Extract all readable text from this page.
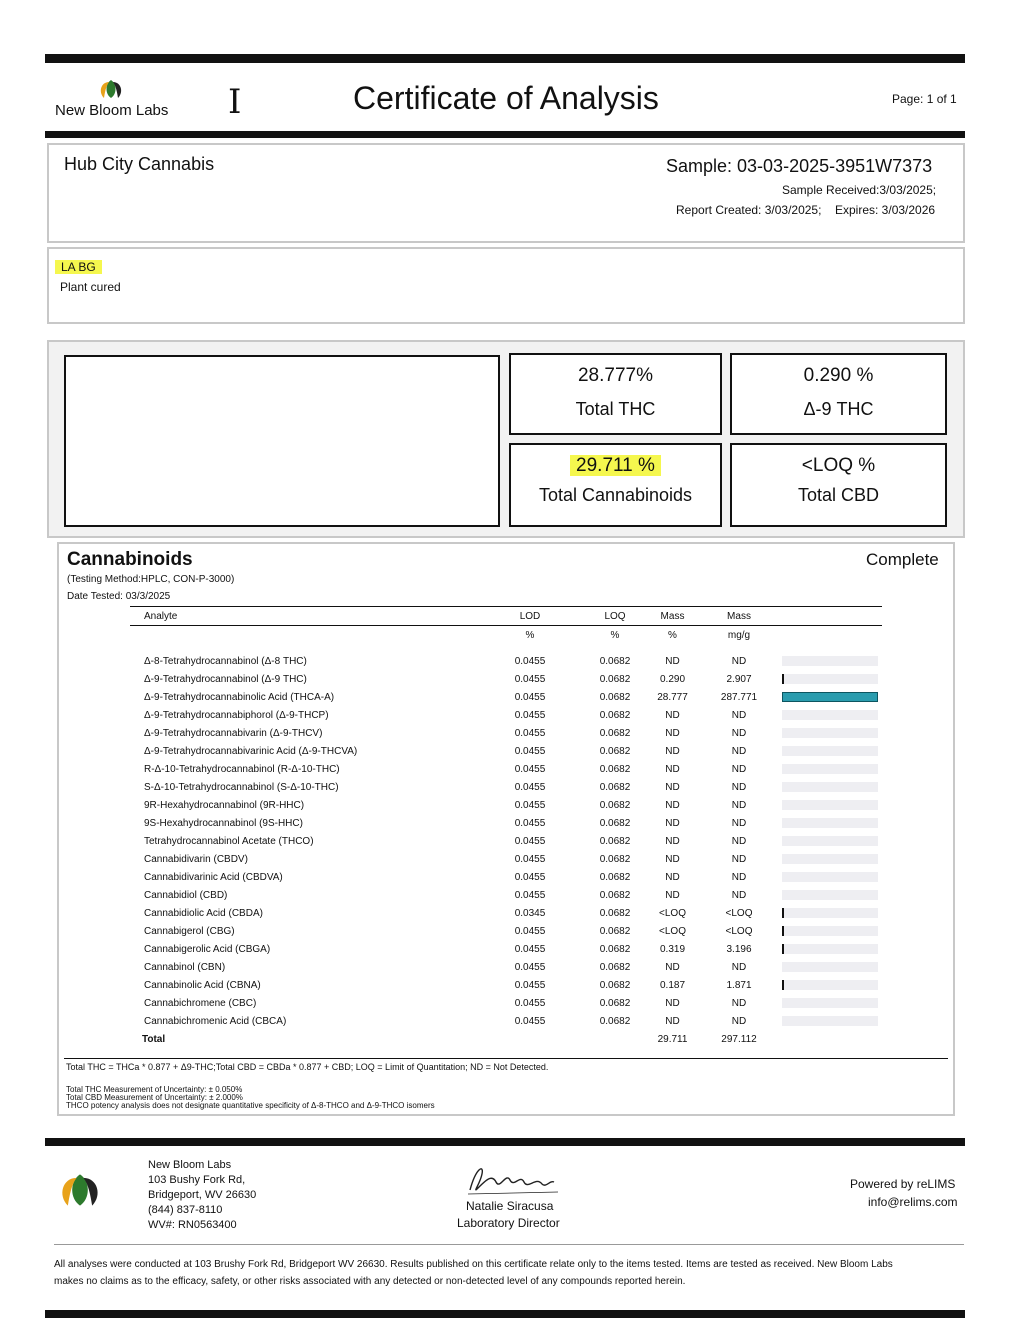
New Bloom Labs I	Certificate of Analysis	Page: 1 of 1
Hub City Cannabis	Sample: 03-03-2025-3951W7373
Sample Received:3/03/2025;
Report Created: 3/03/2025; Expires: 3/03/2026
LA BG
Plant cured
28.777%
Total THC
0.290 %
Δ-9 THC
29.711 %
Total Cannabinoids
<LOQ %
Total CBD
Cannabinoids	Complete
(Testing Method:HPLC, CON-P-3000)
Date Tested: 03/3/2025
Analyte	LOD	LOQ	Mass	Mass	
	%	%	%	mg/g	

Δ-8-Tetrahydrocannabinol (Δ-8 THC)	0.0455	0.0682	ND	ND	

Δ-9-Tetrahydrocannabinol (Δ-9 THC)	0.0455	0.0682	0.290	2.907	

Δ-9-Tetrahydrocannabinolic Acid (THCA-A)	0.0455	0.0682	28.777	287.771	

Δ-9-Tetrahydrocannabiphorol (Δ-9-THCP)	0.0455	0.0682	ND	ND	

Δ-9-Tetrahydrocannabivarin (Δ-9-THCV)	0.0455	0.0682	ND	ND	

Δ-9-Tetrahydrocannabivarinic Acid (Δ-9-THCVA)	0.0455	0.0682	ND	ND	

R-Δ-10-Tetrahydrocannabinol (R-Δ-10-THC)	0.0455	0.0682	ND	ND	

S-Δ-10-Tetrahydrocannabinol (S-Δ-10-THC)	0.0455	0.0682	ND	ND	

9R-Hexahydrocannabinol (9R-HHC)	0.0455	0.0682	ND	ND	

9S-Hexahydrocannabinol (9S-HHC)	0.0455	0.0682	ND	ND	

Tetrahydrocannabinol Acetate (THCO)	0.0455	0.0682	ND	ND	

Cannabidivarin (CBDV)	0.0455	0.0682	ND	ND	

Cannabidivarinic Acid (CBDVA)	0.0455	0.0682	ND	ND	

Cannabidiol (CBD)	0.0455	0.0682	ND	ND	

Cannabidiolic Acid (CBDA)	0.0345	0.0682	<LOQ	<LOQ	

Cannabigerol (CBG)	0.0455	0.0682	<LOQ	<LOQ	

Cannabigerolic Acid (CBGA)	0.0455	0.0682	0.319	3.196	

Cannabinol (CBN)	0.0455	0.0682	ND	ND	

Cannabinolic Acid (CBNA)	0.0455	0.0682	0.187	1.871	

Cannabichromene (CBC)	0.0455	0.0682	ND	ND	

Cannabichromenic Acid (CBCA)	0.0455	0.0682	ND	ND	

Total			29.711	297.112	
Total THC = THCa * 0.877 + Δ9-THC;Total CBD = CBDa * 0.877 + CBD; LOQ = Limit of Quantitation; ND = Not Detected.
Total THC Measurement of Uncertainty: ± 0.050%
Total CBD Measurement of Uncertainty: ± 2.000%
THCO potency analysis does not designate quantitative specificity of Δ-8-THCO and Δ-9-THCO isomers
New Bloom Labs
103 Bushy Fork Rd,
Bridgeport, WV 26630
(844) 837-8110
WV#: RN0563400
Natalie Siracusa
Laboratory Director
Powered by reLIMS
info@relims.com
All analyses were conducted at 103 Brushy Fork Rd, Bridgeport WV 26630. Results published on this certificate relate only to the items tested. Items are tested as received. New Bloom Labs makes no claims as to the efficacy, safety, or other risks associated with any detected or non-detected level of any compounds reported herein.
